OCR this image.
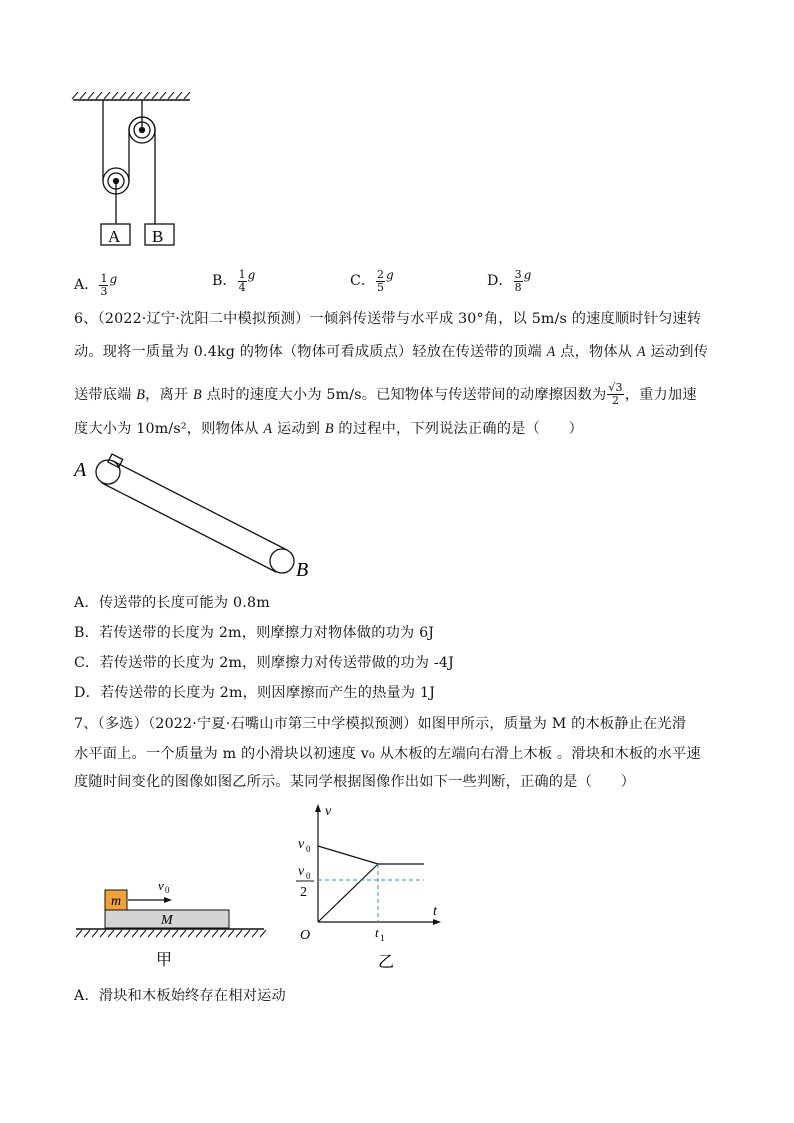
A B
A． $\frac{1}{3} ^g$	B． $\frac{1}{4} ^g$	C． $\frac{2}{5} ^g$	D． $\frac{3}{8} ^g$
6、（2022·辽宁·沈阳二中模拟预测）一倾斜传送带与水平成 30°角，以 5m/s 的速度顺时针匀速转
动。现将一质量为 0.4kg 的物体（物体可看成质点）轻放在传送带的顶端 A 点，物体从 A 运动到传
送带底端 B，离开 B 点时的速度大小为 5m/s。已知物体与传送带间的动摩擦因数为 $\frac{√3}{2}$ ，重力加速
度大小为 10m/s²，则物体从 A 运动到 B 的过程中，下列说法正确的是（　　）
A
B
A．传送带的长度可能为 0.8m
B．若传送带的长度为 2m，则摩擦力对物体做的功为 6J
C．若传送带的长度为 2m，则摩擦力对传送带做的功为 -4J
D．若传送带的长度为 2m，则因摩擦而产生的热量为 1J
7、（多选）（2022·宁夏·石嘴山市第三中学模拟预测）如图甲所示，质量为 M 的木板静止在光滑
水平面上。一个质量为 m 的小滑块以初速度 v₀ 从木板的左端向右滑上木板 。滑块和木板的水平速
度随时间变化的图像如图乙所示。某同学根据图像作出如下一些判断，正确的是（　　）
m
M
v 0
甲
v
t
O
v 0
v 0
2
t 1
乙
A．滑块和木板始终存在相对运动
